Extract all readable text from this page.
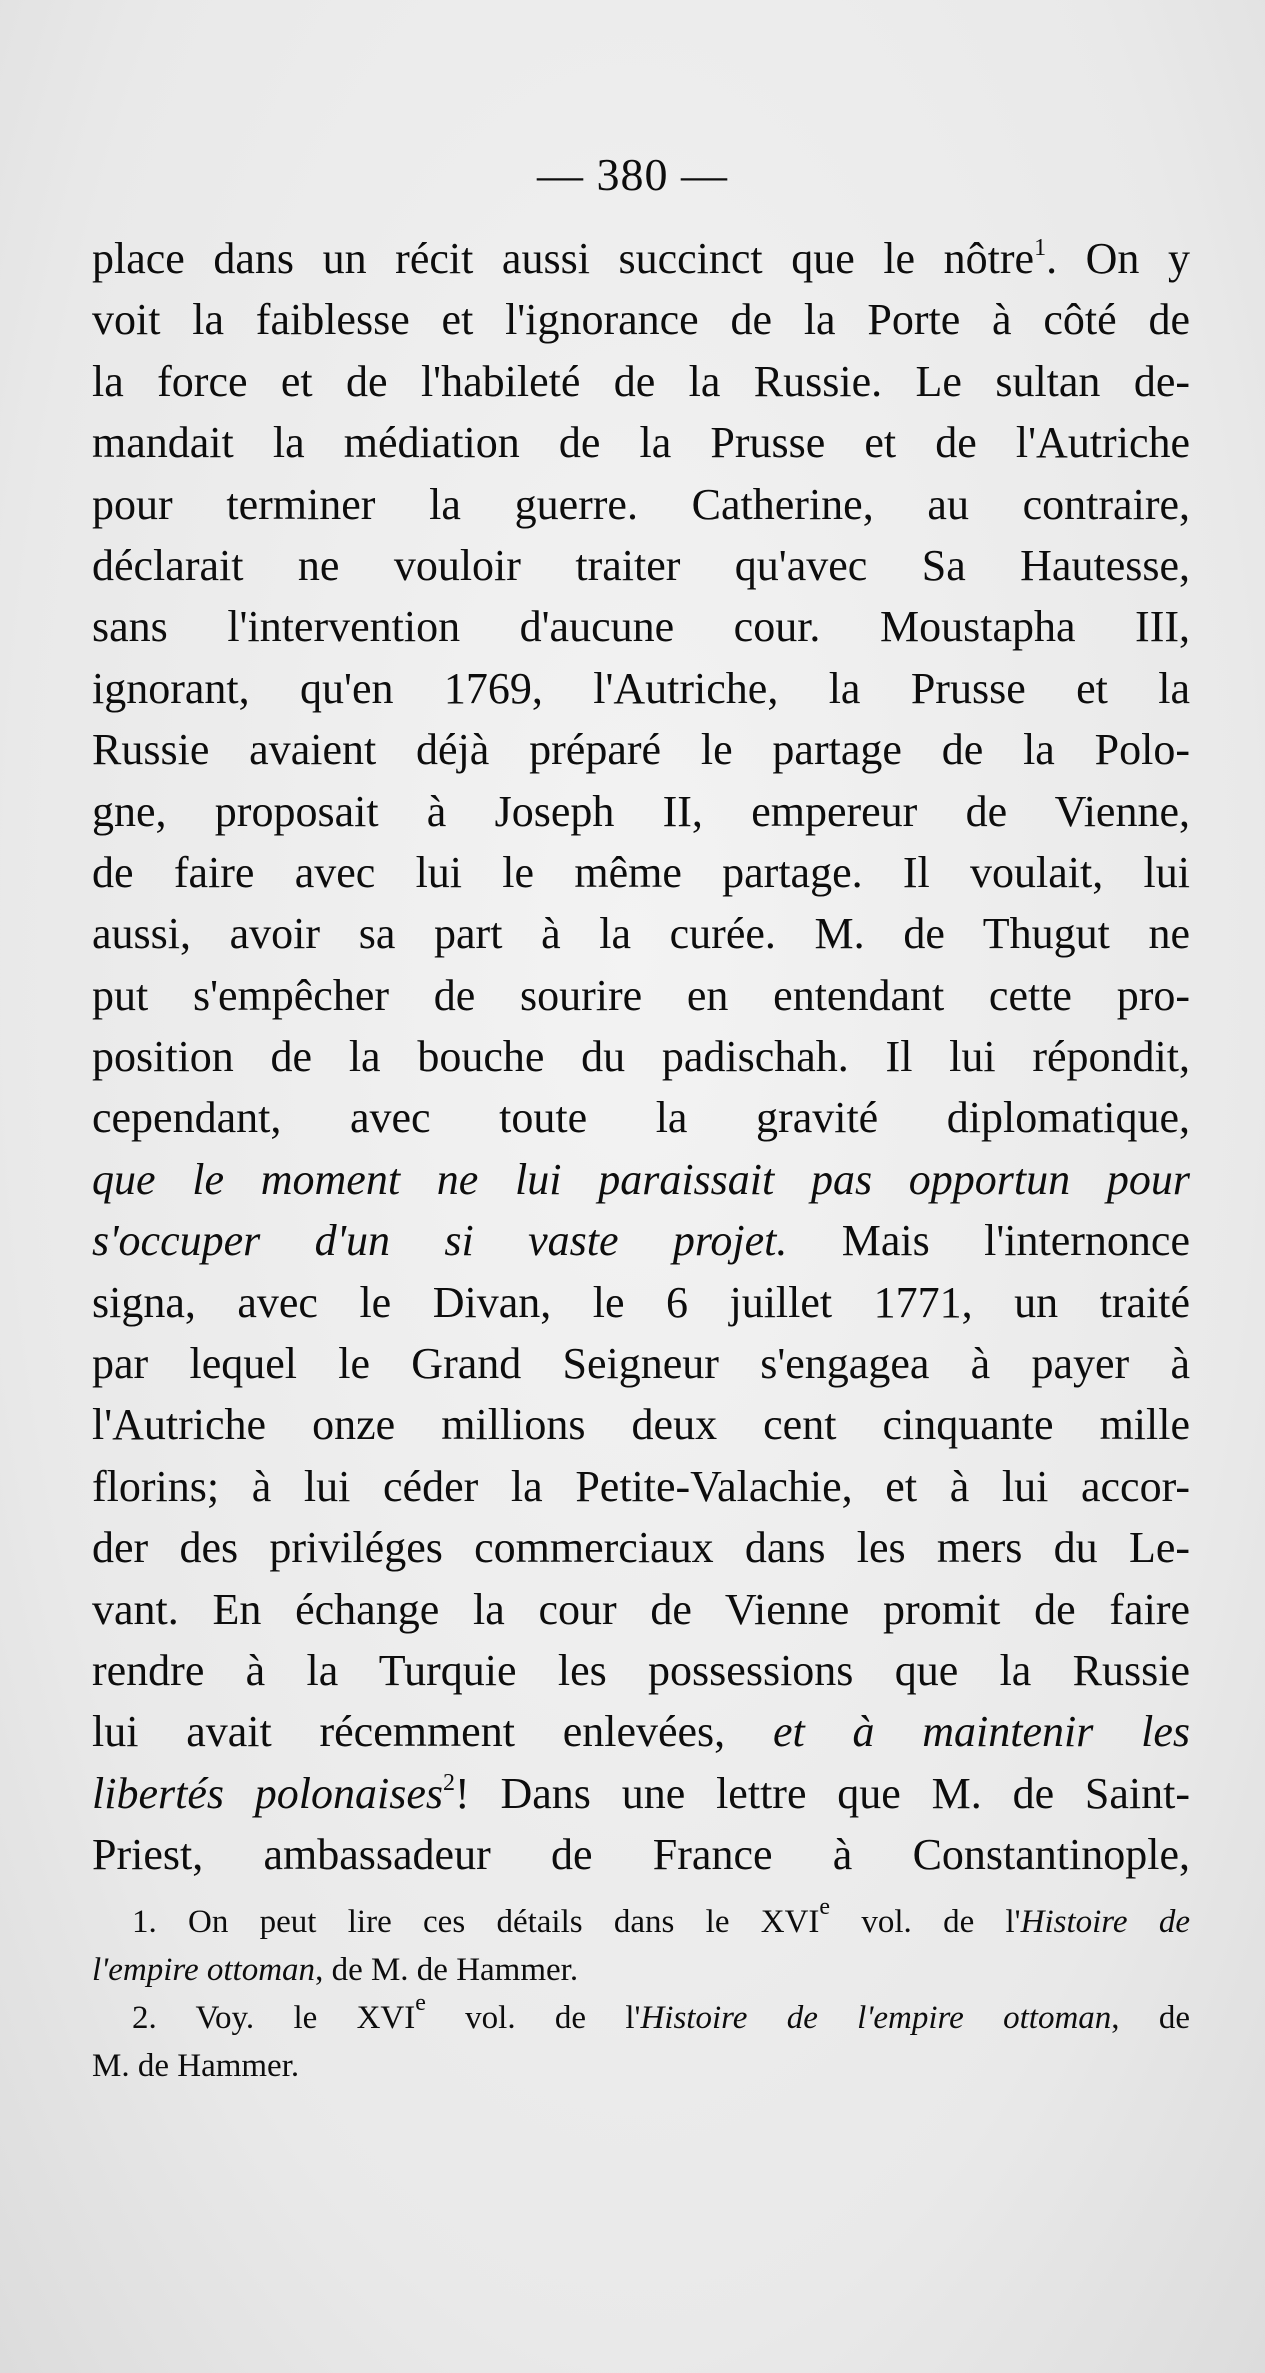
— 380 —
place dans un récit aussi succinct que le nôtre$^1$. On y
voit la faiblesse et l'ignorance de la Porte à côté de
la force et de l'habileté de la Russie. Le sultan de-
mandait la médiation de la Prusse et de l'Autriche
pour terminer la guerre. Catherine, au contraire,
déclarait ne vouloir traiter qu'avec Sa Hautesse,
sans l'intervention d'aucune cour. Moustapha III,
ignorant, qu'en 1769, l'Autriche, la Prusse et la
Russie avaient déjà préparé le partage de la Polo-
gne, proposait à Joseph II, empereur de Vienne,
de faire avec lui le même partage. Il voulait, lui
aussi, avoir sa part à la curée. M. de Thugut ne
put s'empêcher de sourire en entendant cette pro-
position de la bouche du padischah. Il lui répondit,
cependant, avec toute la gravité diplomatique,
que le moment ne lui paraissait pas opportun pour
s'occuper d'un si vaste projet. Mais l'internonce
signa, avec le Divan, le 6 juillet 1771, un traité
par lequel le Grand Seigneur s'engagea à payer à
l'Autriche onze millions deux cent cinquante mille
florins; à lui céder la Petite-Valachie, et à lui accor-
der des priviléges commerciaux dans les mers du Le-
vant. En échange la cour de Vienne promit de faire
rendre à la Turquie les possessions que la Russie
lui avait récemment enlevées, et à maintenir les
libertés polonaises$^2$! Dans une lettre que M. de Saint-
Priest, ambassadeur de France à Constantinople,
1. On peut lire ces détails dans le XVIe vol. de l'Histoire de
l'empire ottoman, de M. de Hammer.
2. Voy. le XVIe vol. de l'Histoire de l'empire ottoman, de
M. de Hammer.
